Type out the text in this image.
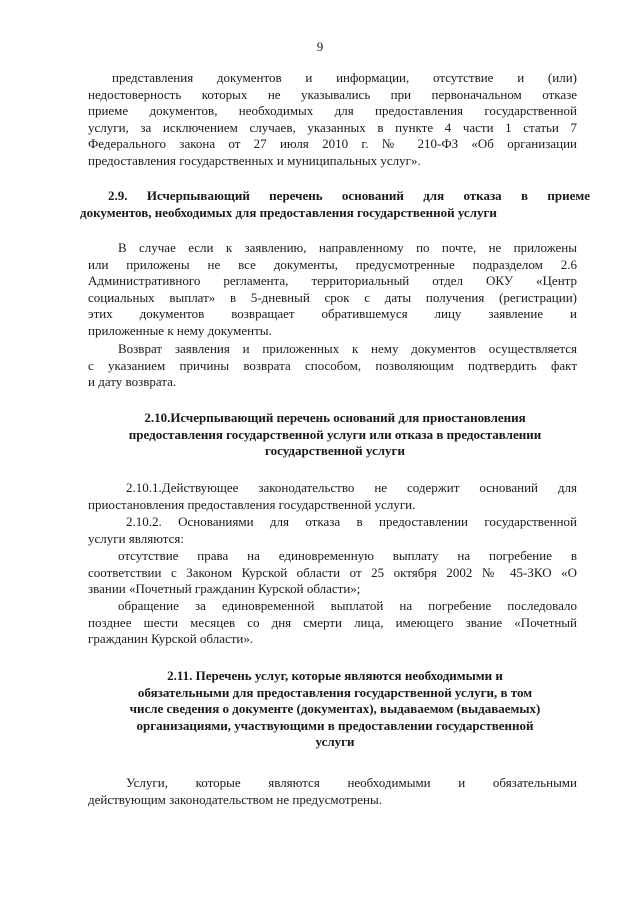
9
представления документов и информации, отсутствие и (или)
недостоверность которых не указывались при первоначальном отказе
приеме документов, необходимых для предоставления государственной
услуги, за исключением случаев, указанных в пункте 4 части 1 статьи 7
Федерального закона от 27 июля 2010 г. № 210-ФЗ «Об организации
предоставления государственных и муниципальных услуг».
2.9. Исчерпывающий перечень оснований для отказа в приеме
документов, необходимых для предоставления государственной услуги
В случае если к заявлению, направленному по почте, не приложены
или приложены не все документы, предусмотренные подразделом 2.6
Административного регламента, территориальный отдел ОКУ «Центр
социальных выплат» в 5-дневный срок с даты получения (регистрации)
этих документов возвращает обратившемуся лицу заявление и
приложенные к нему документы.
Возврат заявления и приложенных к нему документов осуществляется
с указанием причины возврата способом, позволяющим подтвердить факт
и дату возврата.
2.10.Исчерпывающий перечень оснований для приостановления
предоставления государственной услуги или отказа в предоставлении
государственной услуги
2.10.1.Действующее законодательство не содержит оснований для
приостановления предоставления государственной услуги.
2.10.2. Основаниями для отказа в предоставлении государственной
услуги являются:
отсутствие права на единовременную выплату на погребение в
соответствии с Законом Курской области от 25 октября 2002 № 45-ЗКО «О
звании «Почетный гражданин Курской области»;
обращение за единовременной выплатой на погребение последовало
позднее шести месяцев со дня смерти лица, имеющего звание «Почетный
гражданин Курской области».
2.11. Перечень услуг, которые являются необходимыми и
обязательными для предоставления государственной услуги, в том
числе сведения о документе (документах), выдаваемом (выдаваемых)
организациями, участвующими в предоставлении государственной
услуги
Услуги, которые являются необходимыми и обязательными
действующим законодательством не предусмотрены.
